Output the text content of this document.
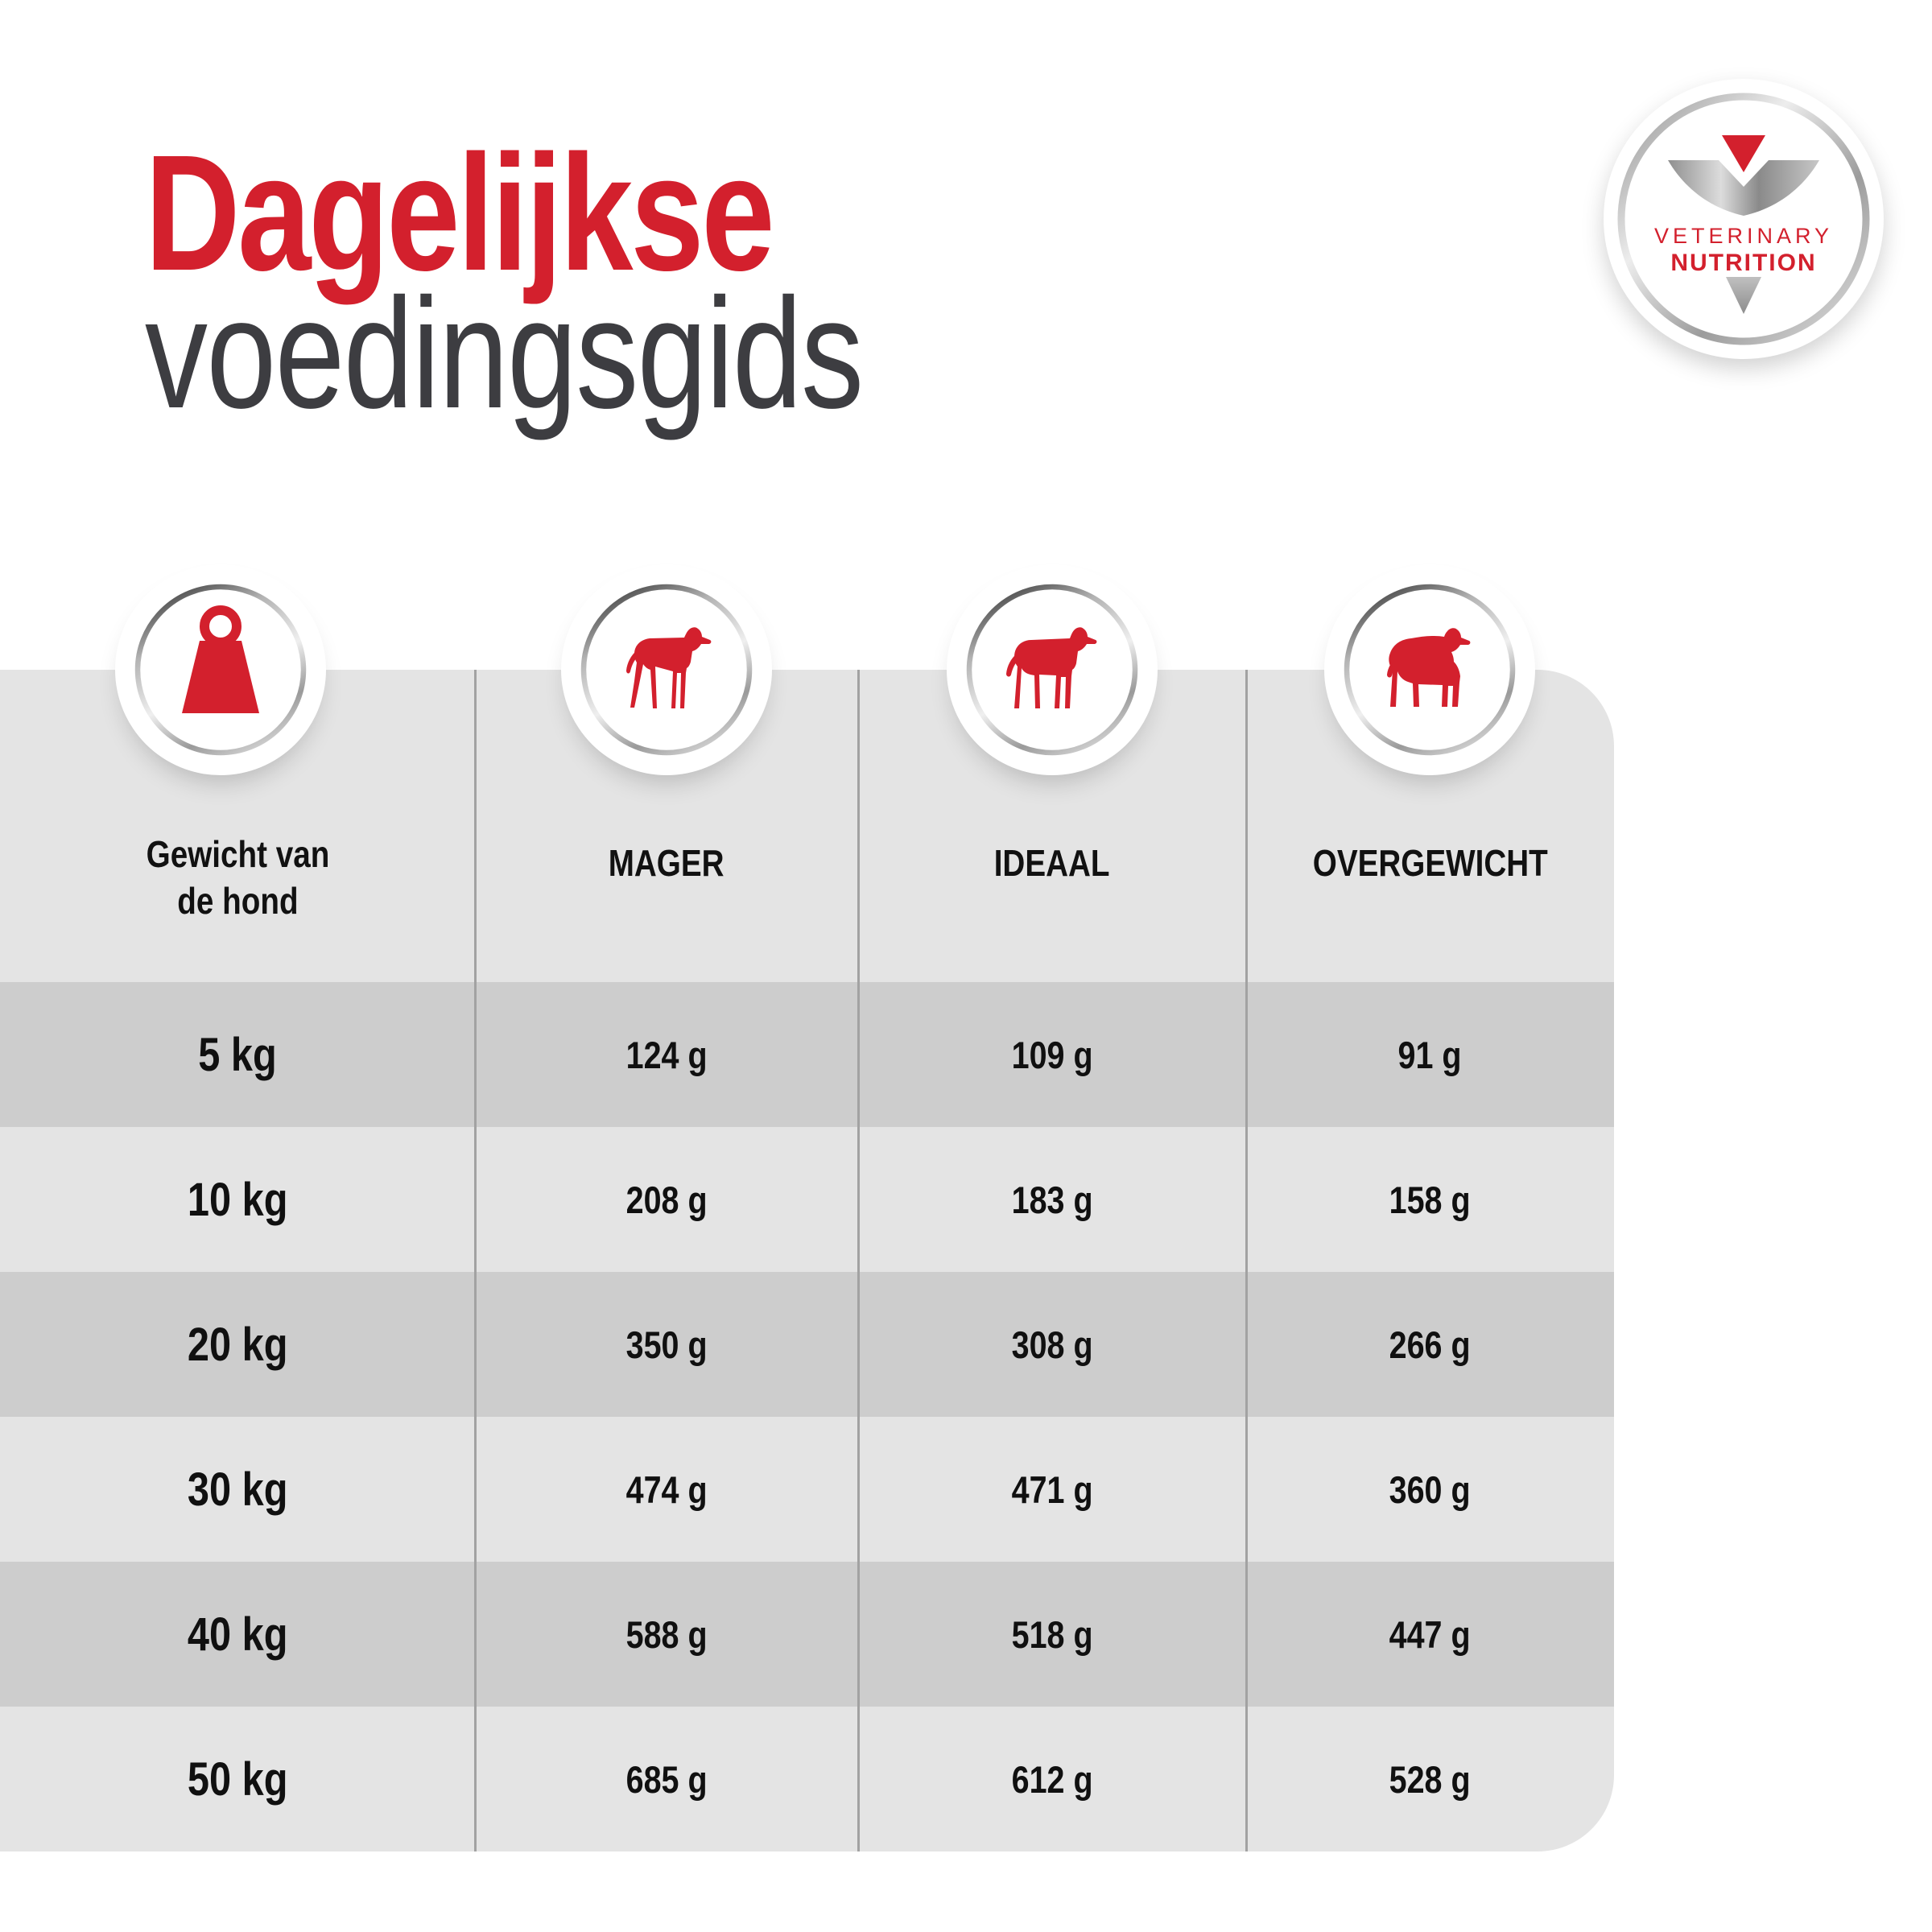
Dagelijkse
voedingsgids
VETERINARY
NUTRITION
Gewicht van
de hond
MAGER	IDEAAL	OVERGEWICHT
5 kg	124 g	109 g	91 g
10 kg	208 g	183 g	158 g
20 kg	350 g	308 g	266 g
30 kg	474 g	471 g	360 g
40 kg	588 g	518 g	447 g
50 kg	685 g	612 g	528 g
